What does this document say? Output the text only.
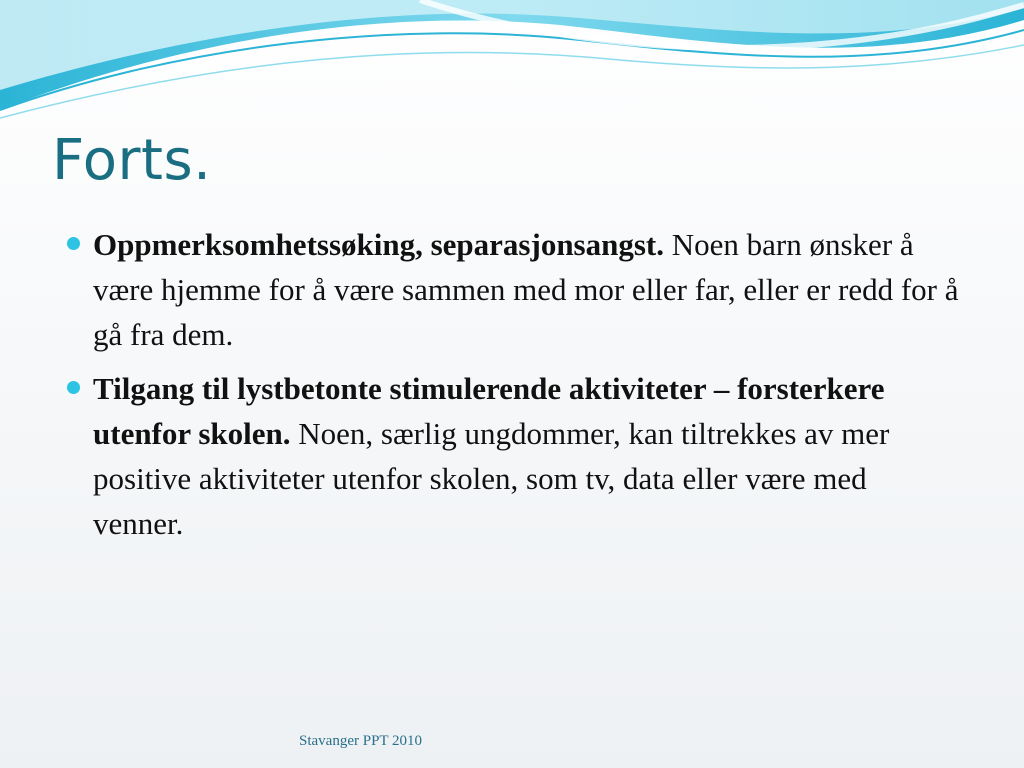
Forts.
Oppmerksomhetssøking, separasjonsangst. Noen barn ønsker å være hjemme for å være sammen med mor eller far, eller er redd for å gå fra dem.
Tilgang til lystbetonte stimulerende aktiviteter – forsterkere utenfor skolen. Noen, særlig ungdommer, kan tiltrekkes av mer positive aktiviteter utenfor skolen, som tv, data eller være med venner.
Stavanger PPT 2010
